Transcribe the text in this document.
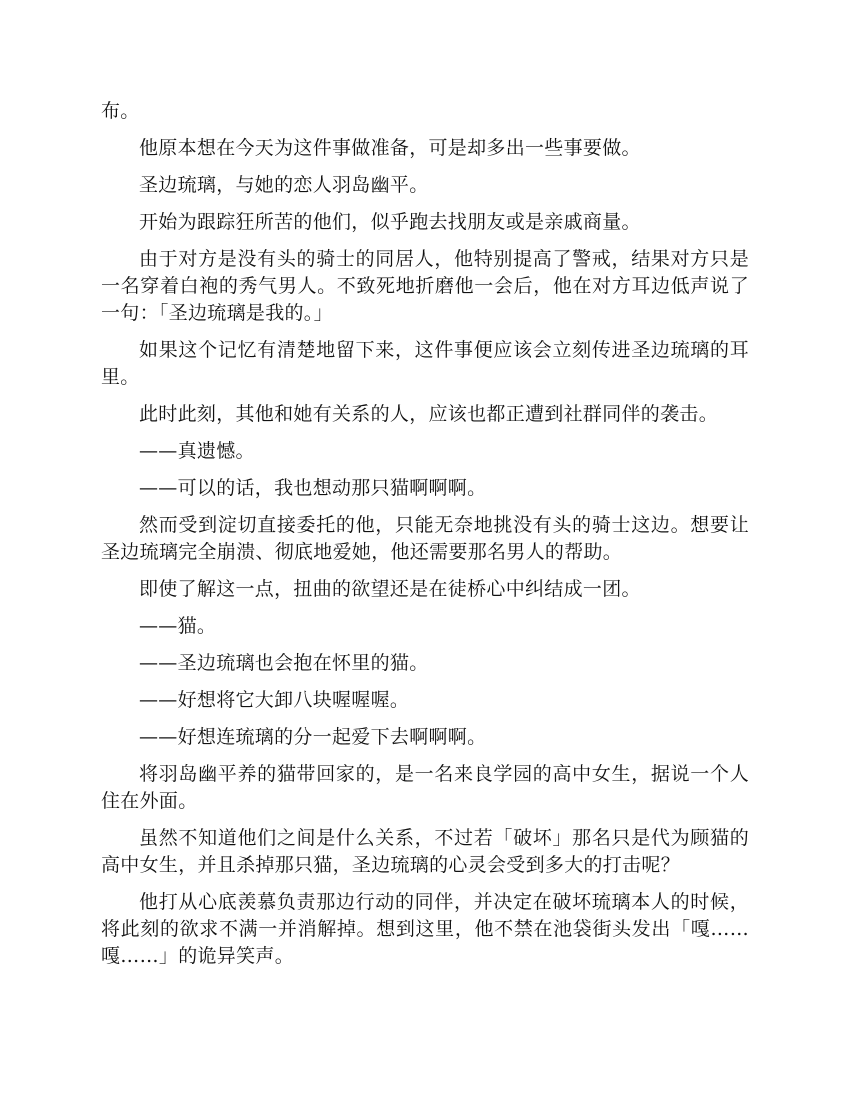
布。

他原本想在今天为这件事做准备，可是却多出一些事要做。

圣边琉璃，与她的恋人羽岛幽平。

开始为跟踪狂所苦的他们，似乎跑去找朋友或是亲戚商量。

由于对方是没有头的骑士的同居人，他特别提高了警戒，结果对方只是一名穿着白袍的秀气男人。不致死地折磨他一会后，他在对方耳边低声说了一句：「圣边琉璃是我的。」

如果这个记忆有清楚地留下来，这件事便应该会立刻传进圣边琉璃的耳里。

此时此刻，其他和她有关系的人，应该也都正遭到社群同伴的袭击。

——真遗憾。

——可以的话，我也想动那只猫啊啊啊。

然而受到淀切直接委托的他，只能无奈地挑没有头的骑士这边。想要让圣边琉璃完全崩溃、彻底地爱她，他还需要那名男人的帮助。

即使了解这一点，扭曲的欲望还是在徒桥心中纠结成一团。

——猫。

——圣边琉璃也会抱在怀里的猫。

——好想将它大卸八块喔喔喔。

——好想连琉璃的分一起爱下去啊啊啊。

将羽岛幽平养的猫带回家的，是一名来良学园的高中女生，据说一个人住在外面。

虽然不知道他们之间是什么关系，不过若「破坏」那名只是代为顾猫的高中女生，并且杀掉那只猫，圣边琉璃的心灵会受到多大的打击呢？

他打从心底羡慕负责那边行动的同伴，并决定在破坏琉璃本人的时候，将此刻的欲求不满一并消解掉。想到这里，他不禁在池袋街头发出「嘎……嘎……」的诡异笑声。
